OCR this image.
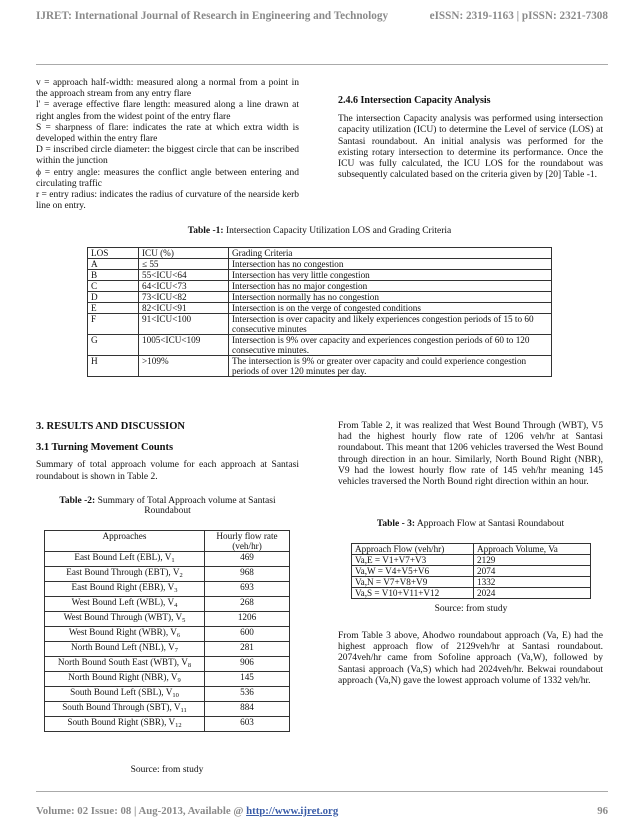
IJRET: International Journal of Research in Engineering and Technology	eISSN: 2319-1163 | pISSN: 2321-7308

v = approach half-width: measured along a normal from a point in the approach stream from any entry flare

l' = average effective flare length: measured along a line drawn at right angles from the widest point of the entry flare

S = sharpness of flare: indicates the rate at which extra width is developed within the entry flare

D = inscribed circle diameter: the biggest circle that can be inscribed within the junction

ϕ = entry angle: measures the conflict angle between entering and circulating traffic

r = entry radius: indicates the radius of curvature of the nearside kerb line on entry.

2.4.6 Intersection Capacity Analysis

The intersection Capacity analysis was performed using intersection capacity utilization (ICU) to determine the Level of service (LOS) at Santasi roundabout. An initial analysis was performed for the existing rotary intersection to determine its performance. Once the ICU was fully calculated, the ICU LOS for the roundabout was subsequently calculated based on the criteria given by [20] Table -1.

Table -1: Intersection Capacity Utilization LOS and Grading Criteria
LOS	ICU (%)	Grading Criteria
A	≤ 55	Intersection has no congestion
B	55<ICU<64	Intersection has very little congestion
C	64<ICU<73	Intersection has no major congestion
D	73<ICU<82	Intersection normally has no congestion
E	82<ICU<91	Intersection is on the verge of congested conditions
F	91<ICU<100	Intersection is over capacity and likely experiences congestion periods of 15 to 60 consecutive minutes
G	1005<ICU<109	Intersection is 9% over capacity and experiences congestion periods of 60 to 120 consecutive minutes.
H	>109%	The intersection is 9% or greater over capacity and could experience congestion periods of over 120 minutes per day.
3. RESULTS AND DISCUSSION
3.1 Turning Movement Counts

Summary of total approach volume for each approach at Santasi roundabout is shown in Table 2.

Table -2: Summary of Total Approach volume at Santasi Roundabout
Approaches	Hourly flow rate (veh/hr)
East Bound Left (EBL), $V_1$	469
East Bound Through (EBT), $V_2$	968
East Bound Right (EBR), $V_3$	693
West Bound Left (WBL), $V_4$	268
West Bound Through (WBT), $V_5$	1206
West Bound Right (WBR), $V_6$	600
North Bound Left (NBL), $V_7$	281
North Bound South East (WBT), $V_8$	906
North Bound Right (NBR), $V_9$	145
South Bound Left (SBL), $V_{10}$	536
South Bound Through (SBT), $V_{11}$	884
South Bound Right (SBR), $V_{12}$	603
Source: from study

From Table 2, it was realized that West Bound Through (WBT), V5 had the highest hourly flow rate of 1206 veh/hr at Santasi roundabout. This meant that 1206 vehicles traversed the West Bound through direction in an hour. Similarly, North Bound Right (NBR), V9 had the lowest hourly flow rate of 145 veh/hr meaning 145 vehicles traversed the North Bound right direction within an hour.

Table - 3: Approach Flow at Santasi Roundabout
Approach Flow (veh/hr)	Approach Volume, Va
Va,E = V1+V7+V3	2129
Va,W = V4+V5+V6	2074
Va,N = V7+V8+V9	1332
Va,S = V10+V11+V12	2024
Source: from study

From Table 3 above, Ahodwo roundabout approach (Va, E) had the highest approach flow of 2129veh/hr at Santasi roundabout. 2074veh/hr came from Sofoline approach (Va,W), followed by Santasi approach (Va,S) which had 2024veh/hr. Bekwai roundabout approach (Va,N) gave the lowest approach volume of 1332 veh/hr.

Volume: 02 Issue: 08 | Aug-2013, Available @ http://www.ijret.org	96
